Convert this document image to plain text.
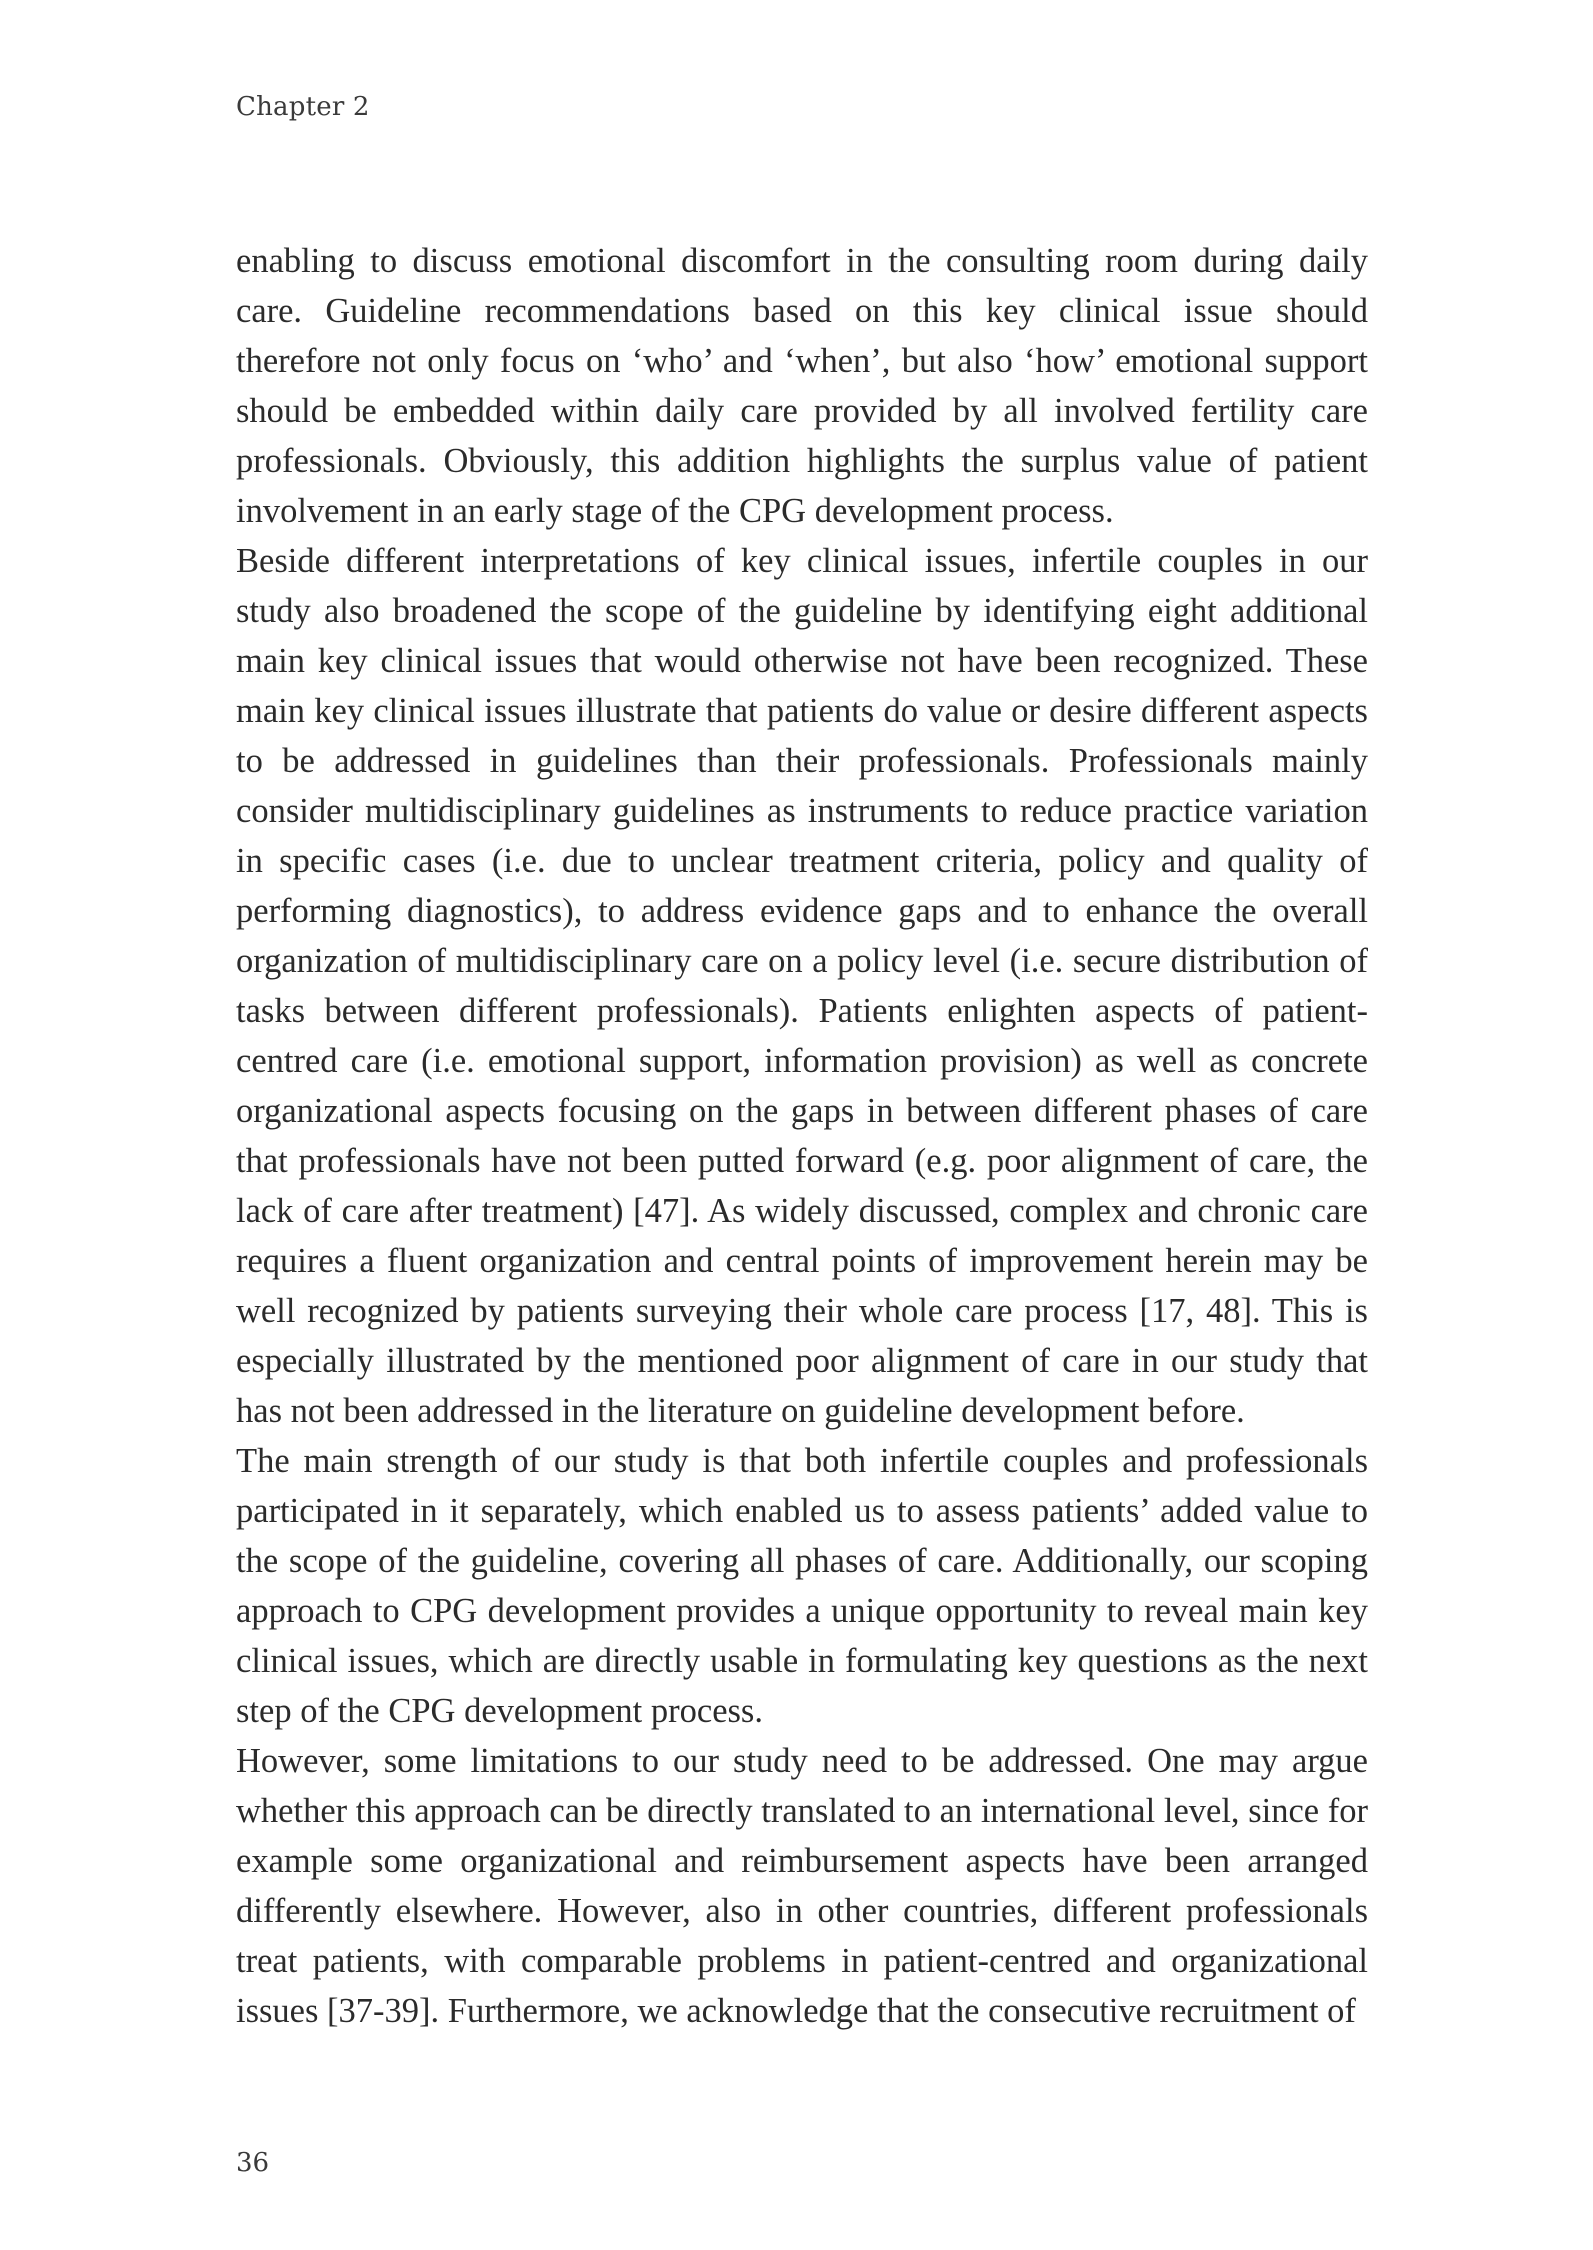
Chapter 2

enabling to discuss emotional discomfort in the consulting room during daily care. Guideline recommendations based on this key clinical issue should therefore not only focus on ‘who’ and ‘when’, but also ‘how’ emotional support should be embedded within daily care provided by all involved fertility care professionals. Obviously, this addition highlights the surplus value of patient involvement in an early stage of the CPG development process.

Beside different interpretations of key clinical issues, infertile couples in our study also broadened the scope of the guideline by identifying eight additional main key clinical issues that would otherwise not have been recognized. These main key clinical issues illustrate that patients do value or desire different aspects to be addressed in guidelines than their professionals. Professionals mainly consider multidisciplinary guidelines as instruments to reduce practice variation in specific cases (i.e. due to unclear treatment criteria, policy and quality of performing diagnostics), to address evidence gaps and to enhance the overall organization of multidisciplinary care on a policy level (i.e. secure distribution of tasks between different professionals). Patients enlighten aspects of patient-centred care (i.e. emotional support, information provision) as well as concrete organizational aspects focusing on the gaps in between different phases of care that professionals have not been putted forward (e.g. poor alignment of care, the lack of care after treatment) [47]. As widely discussed, complex and chronic care requires a fluent organization and central points of improvement herein may be well recognized by patients surveying their whole care process [17, 48]. This is especially illustrated by the mentioned poor alignment of care in our study that has not been addressed in the literature on guideline development before.

The main strength of our study is that both infertile couples and professionals participated in it separately, which enabled us to assess patients’ added value to the scope of the guideline, covering all phases of care. Additionally, our scoping approach to CPG development provides a unique opportunity to reveal main key clinical issues, which are directly usable in formulating key questions as the next step of the CPG development process.

However, some limitations to our study need to be addressed. One may argue whether this approach can be directly translated to an international level, since for example some organizational and reimbursement aspects have been arranged differently elsewhere. However, also in other countries, different professionals treat patients, with comparable problems in patient-centred and organizational issues [37-39]. Furthermore, we acknowledge that the consecutive recruitment of

36
